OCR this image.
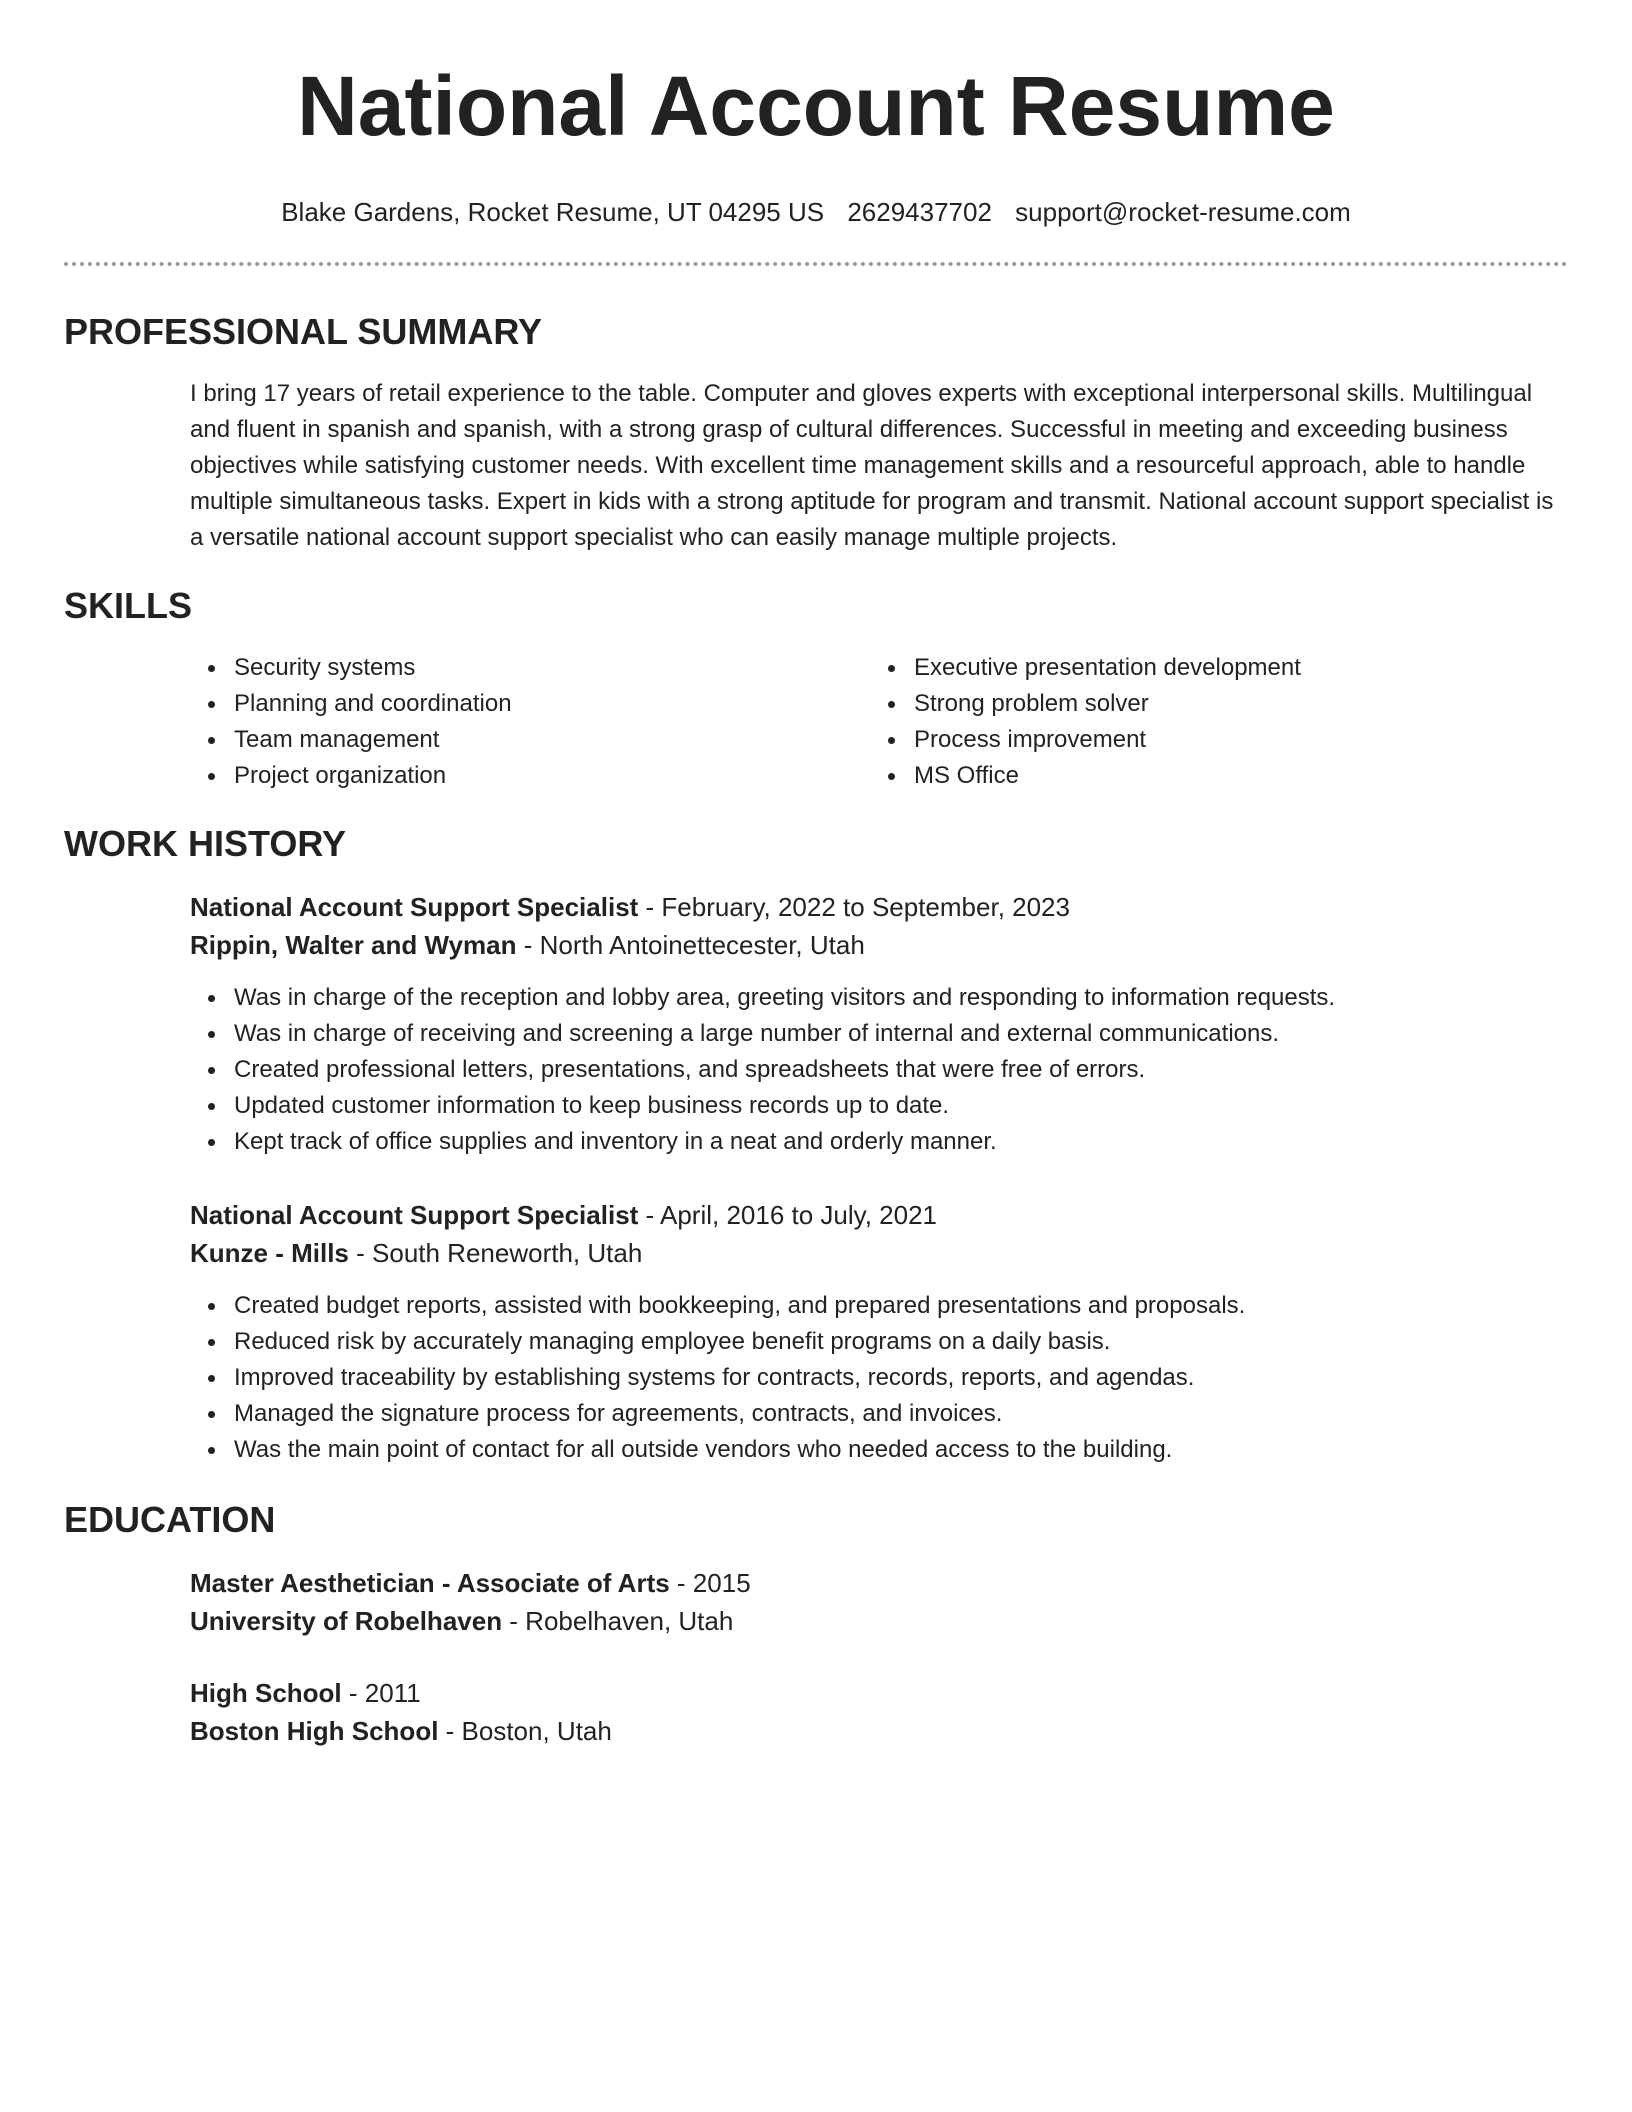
National Account Resume
Blake Gardens, Rocket Resume, UT 04295 US 2629437702 support@rocket-resume.com
PROFESSIONAL SUMMARY
I bring 17 years of retail experience to the table. Computer and gloves experts with exceptional interpersonal skills. Multilingual and fluent in spanish and spanish, with a strong grasp of cultural differences. Successful in meeting and exceeding business objectives while satisfying customer needs. With excellent time management skills and a resourceful approach, able to handle multiple simultaneous tasks. Expert in kids with a strong aptitude for program and transmit. National account support specialist is a versatile national account support specialist who can easily manage multiple projects.
SKILLS
Security systems
Planning and coordination
Team management
Project organization
Executive presentation development
Strong problem solver
Process improvement
MS Office
WORK HISTORY
National Account Support Specialist - February, 2022 to September, 2023
Rippin, Walter and Wyman - North Antoinettecester, Utah
Was in charge of the reception and lobby area, greeting visitors and responding to information requests.
Was in charge of receiving and screening a large number of internal and external communications.
Created professional letters, presentations, and spreadsheets that were free of errors.
Updated customer information to keep business records up to date.
Kept track of office supplies and inventory in a neat and orderly manner.
National Account Support Specialist - April, 2016 to July, 2021
Kunze - Mills - South Reneworth, Utah
Created budget reports, assisted with bookkeeping, and prepared presentations and proposals.
Reduced risk by accurately managing employee benefit programs on a daily basis.
Improved traceability by establishing systems for contracts, records, reports, and agendas.
Managed the signature process for agreements, contracts, and invoices.
Was the main point of contact for all outside vendors who needed access to the building.
EDUCATION
Master Aesthetician - Associate of Arts - 2015
University of Robelhaven - Robelhaven, Utah
High School - 2011
Boston High School - Boston, Utah
